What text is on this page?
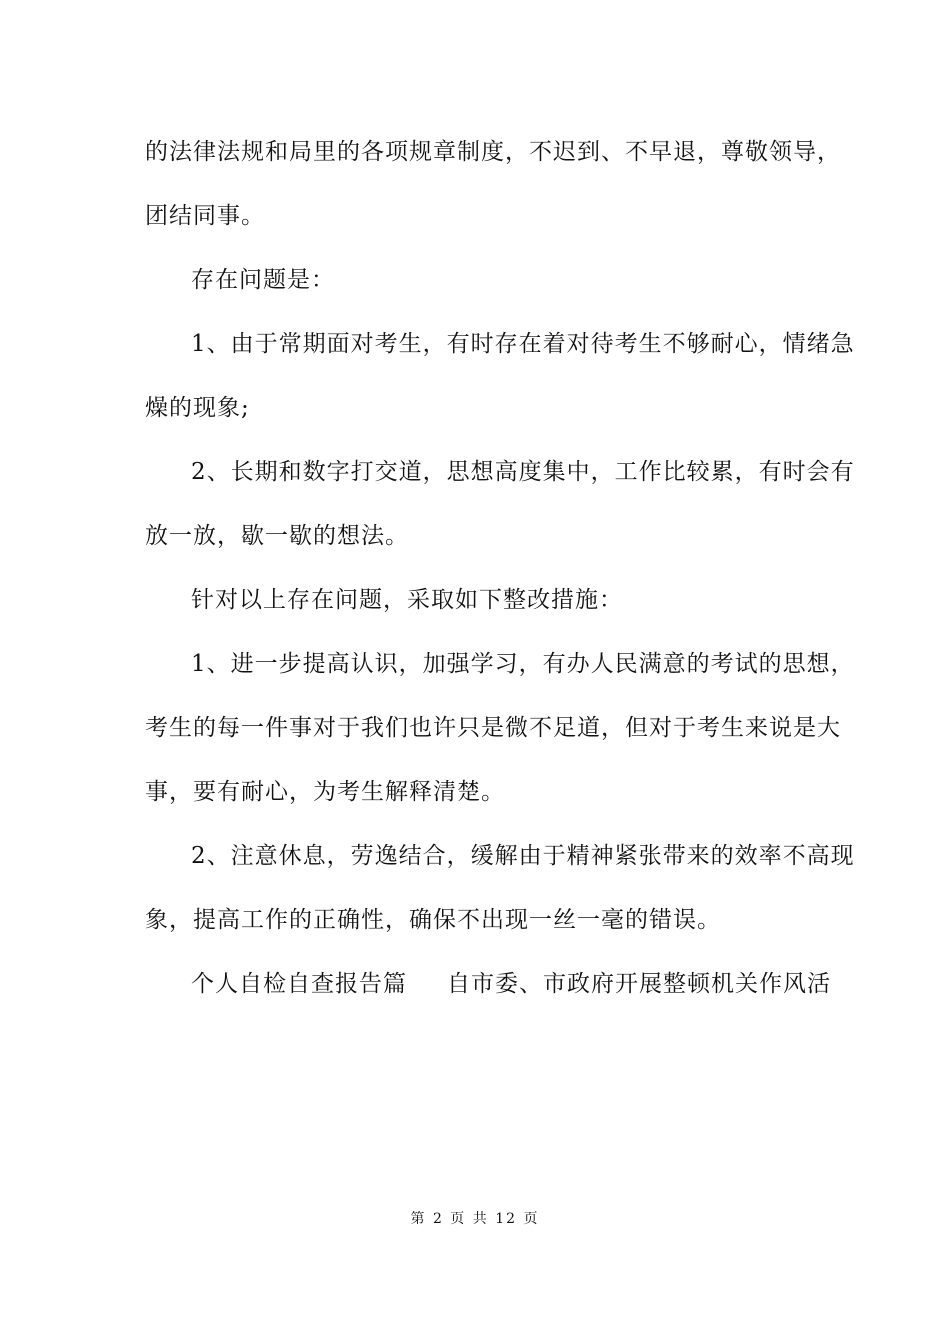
的法律法规和局里的各项规章制度，不迟到、不早退，尊敬领导，

团结同事。

存在问题是：

1、由于常期面对考生，有时存在着对待考生不够耐心，情绪急

燥的现象;

2、长期和数字打交道，思想高度集中，工作比较累，有时会有

放一放，歇一歇的想法。

针对以上存在问题，采取如下整改措施：

1、进一步提高认识，加强学习，有办人民满意的考试的思想，

考生的每一件事对于我们也许只是微不足道，但对于考生来说是大

事，要有耐心，为考生解释清楚。

2、注意休息，劳逸结合，缓解由于精神紧张带来的效率不高现

象，提高工作的正确性，确保不出现一丝一毫的错误。

个人自检自查报告篇 自市委、市政府开展整顿机关作风活

第 2 页 共 12 页
